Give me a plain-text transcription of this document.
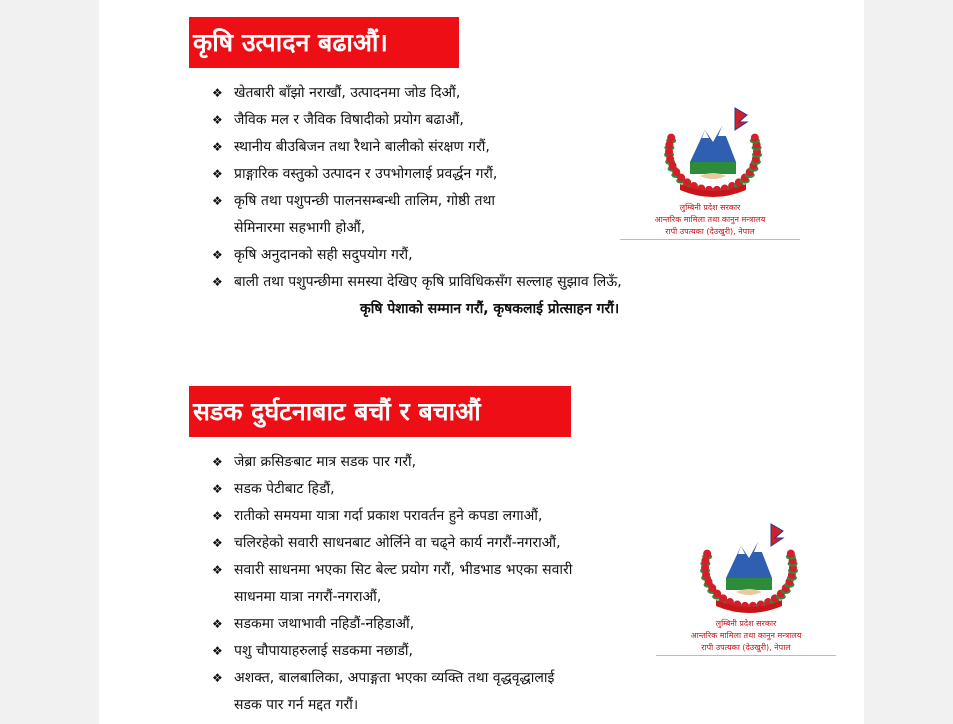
कृषि उत्पादन बढाऔं।
❖ खेतबारी बाँझो नराखौं, उत्पादनमा जोड दिऔं,
❖ जैविक मल र जैविक विषादीको प्रयोग बढाऔं,
❖ स्थानीय बीउबिजन तथा रैथाने बालीको संरक्षण गरौं,
❖ प्राङ्गारिक वस्तुको उत्पादन र उपभोगलाई प्रवर्द्धन गरौं,
❖ कृषि तथा पशुपन्छी पालनसम्बन्धी तालिम, गोष्ठी तथा
सेमिनारमा सहभागी होऔं,
❖ कृषि अनुदानको सही सदुपयोग गरौं,
❖ बाली तथा पशुपन्छीमा समस्या देखिए कृषि प्राविधिकसँग सल्लाह सुझाव लिऊँ,
कृषि पेशाको सम्मान गरौं, कृषकलाई प्रोत्साहन गरौं।
लुम्बिनी प्रदेश सरकार
आन्तरिक मामिला तथा कानुन मन्त्रालय
रापी उपत्यका (देउखुरी), नेपाल
सडक दुर्घटनाबाट बचौं र बचाऔं
❖ जेब्रा क्रसिङबाट मात्र सडक पार गरौं,
❖ सडक पेटीबाट हिडौं,
❖ रातीको समयमा यात्रा गर्दा प्रकाश परावर्तन हुने कपडा लगाऔं,
❖ चलिरहेको सवारी साधनबाट ओर्लिने वा चढ्ने कार्य नगरौं-नगराऔं,
❖ सवारी साधनमा भएका सिट बेल्ट प्रयोग गरौं, भीडभाड भएका सवारी
साधनमा यात्रा नगरौं-नगराऔं,
❖ सडकमा जथाभावी नहिडौं-नहिडाऔं,
❖ पशु चौपायाहरुलाई सडकमा नछाडौं,
❖ अशक्त, बालबालिका, अपाङ्गता भएका व्यक्ति तथा वृद्धवृद्धालाई
सडक पार गर्न मद्दत गरौं।
लुम्बिनी प्रदेश सरकार
आन्तरिक मामिला तथा कानुन मन्त्रालय
रापी उपत्यका (देउखुरी), नेपाल
